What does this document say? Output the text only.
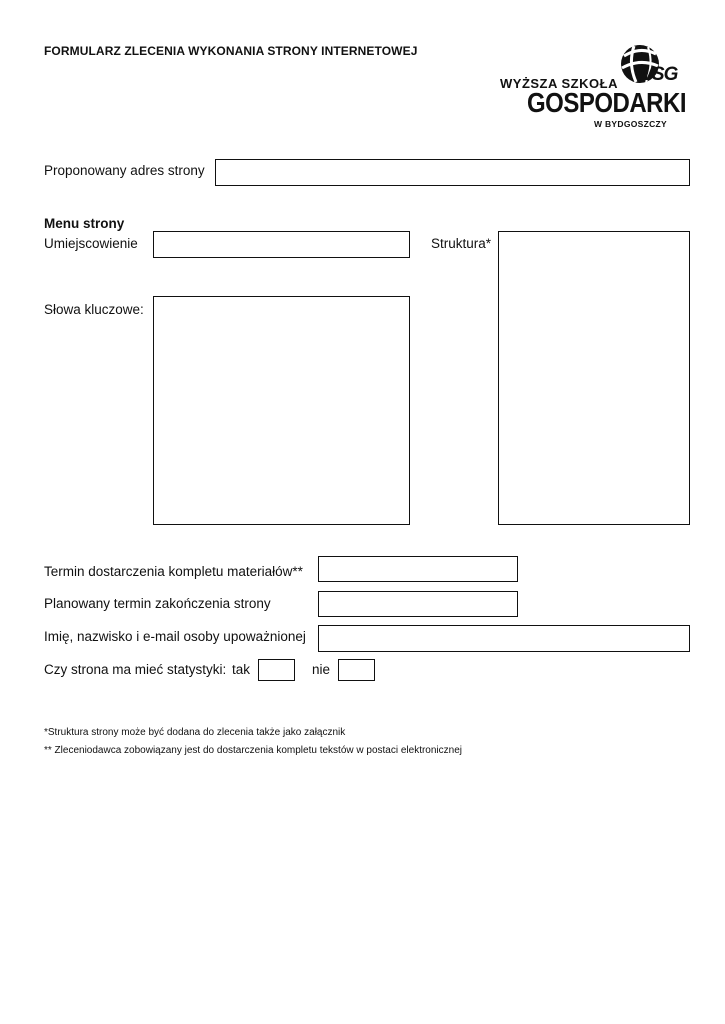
FORMULARZ ZLECENIA WYKONANIA STRONY INTERNETOWEJ
WSG
WYŻSZA SZKOŁA
GOSPODARKI
W BYDGOSZCZY
Proponowany adres strony
Menu strony
Umiejscowienie	Struktura*
Słowa kluczowe:
Termin dostarczenia kompletu materiałów**
Planowany termin zakończenia strony
Imię, nazwisko i e-mail osoby upoważnionej
Czy strona ma mieć statystyki: tak	nie
*Struktura strony może być dodana do zlecenia także jako załącznik
** Zleceniodawca zobowiązany jest do dostarczenia kompletu tekstów w postaci elektronicznej
